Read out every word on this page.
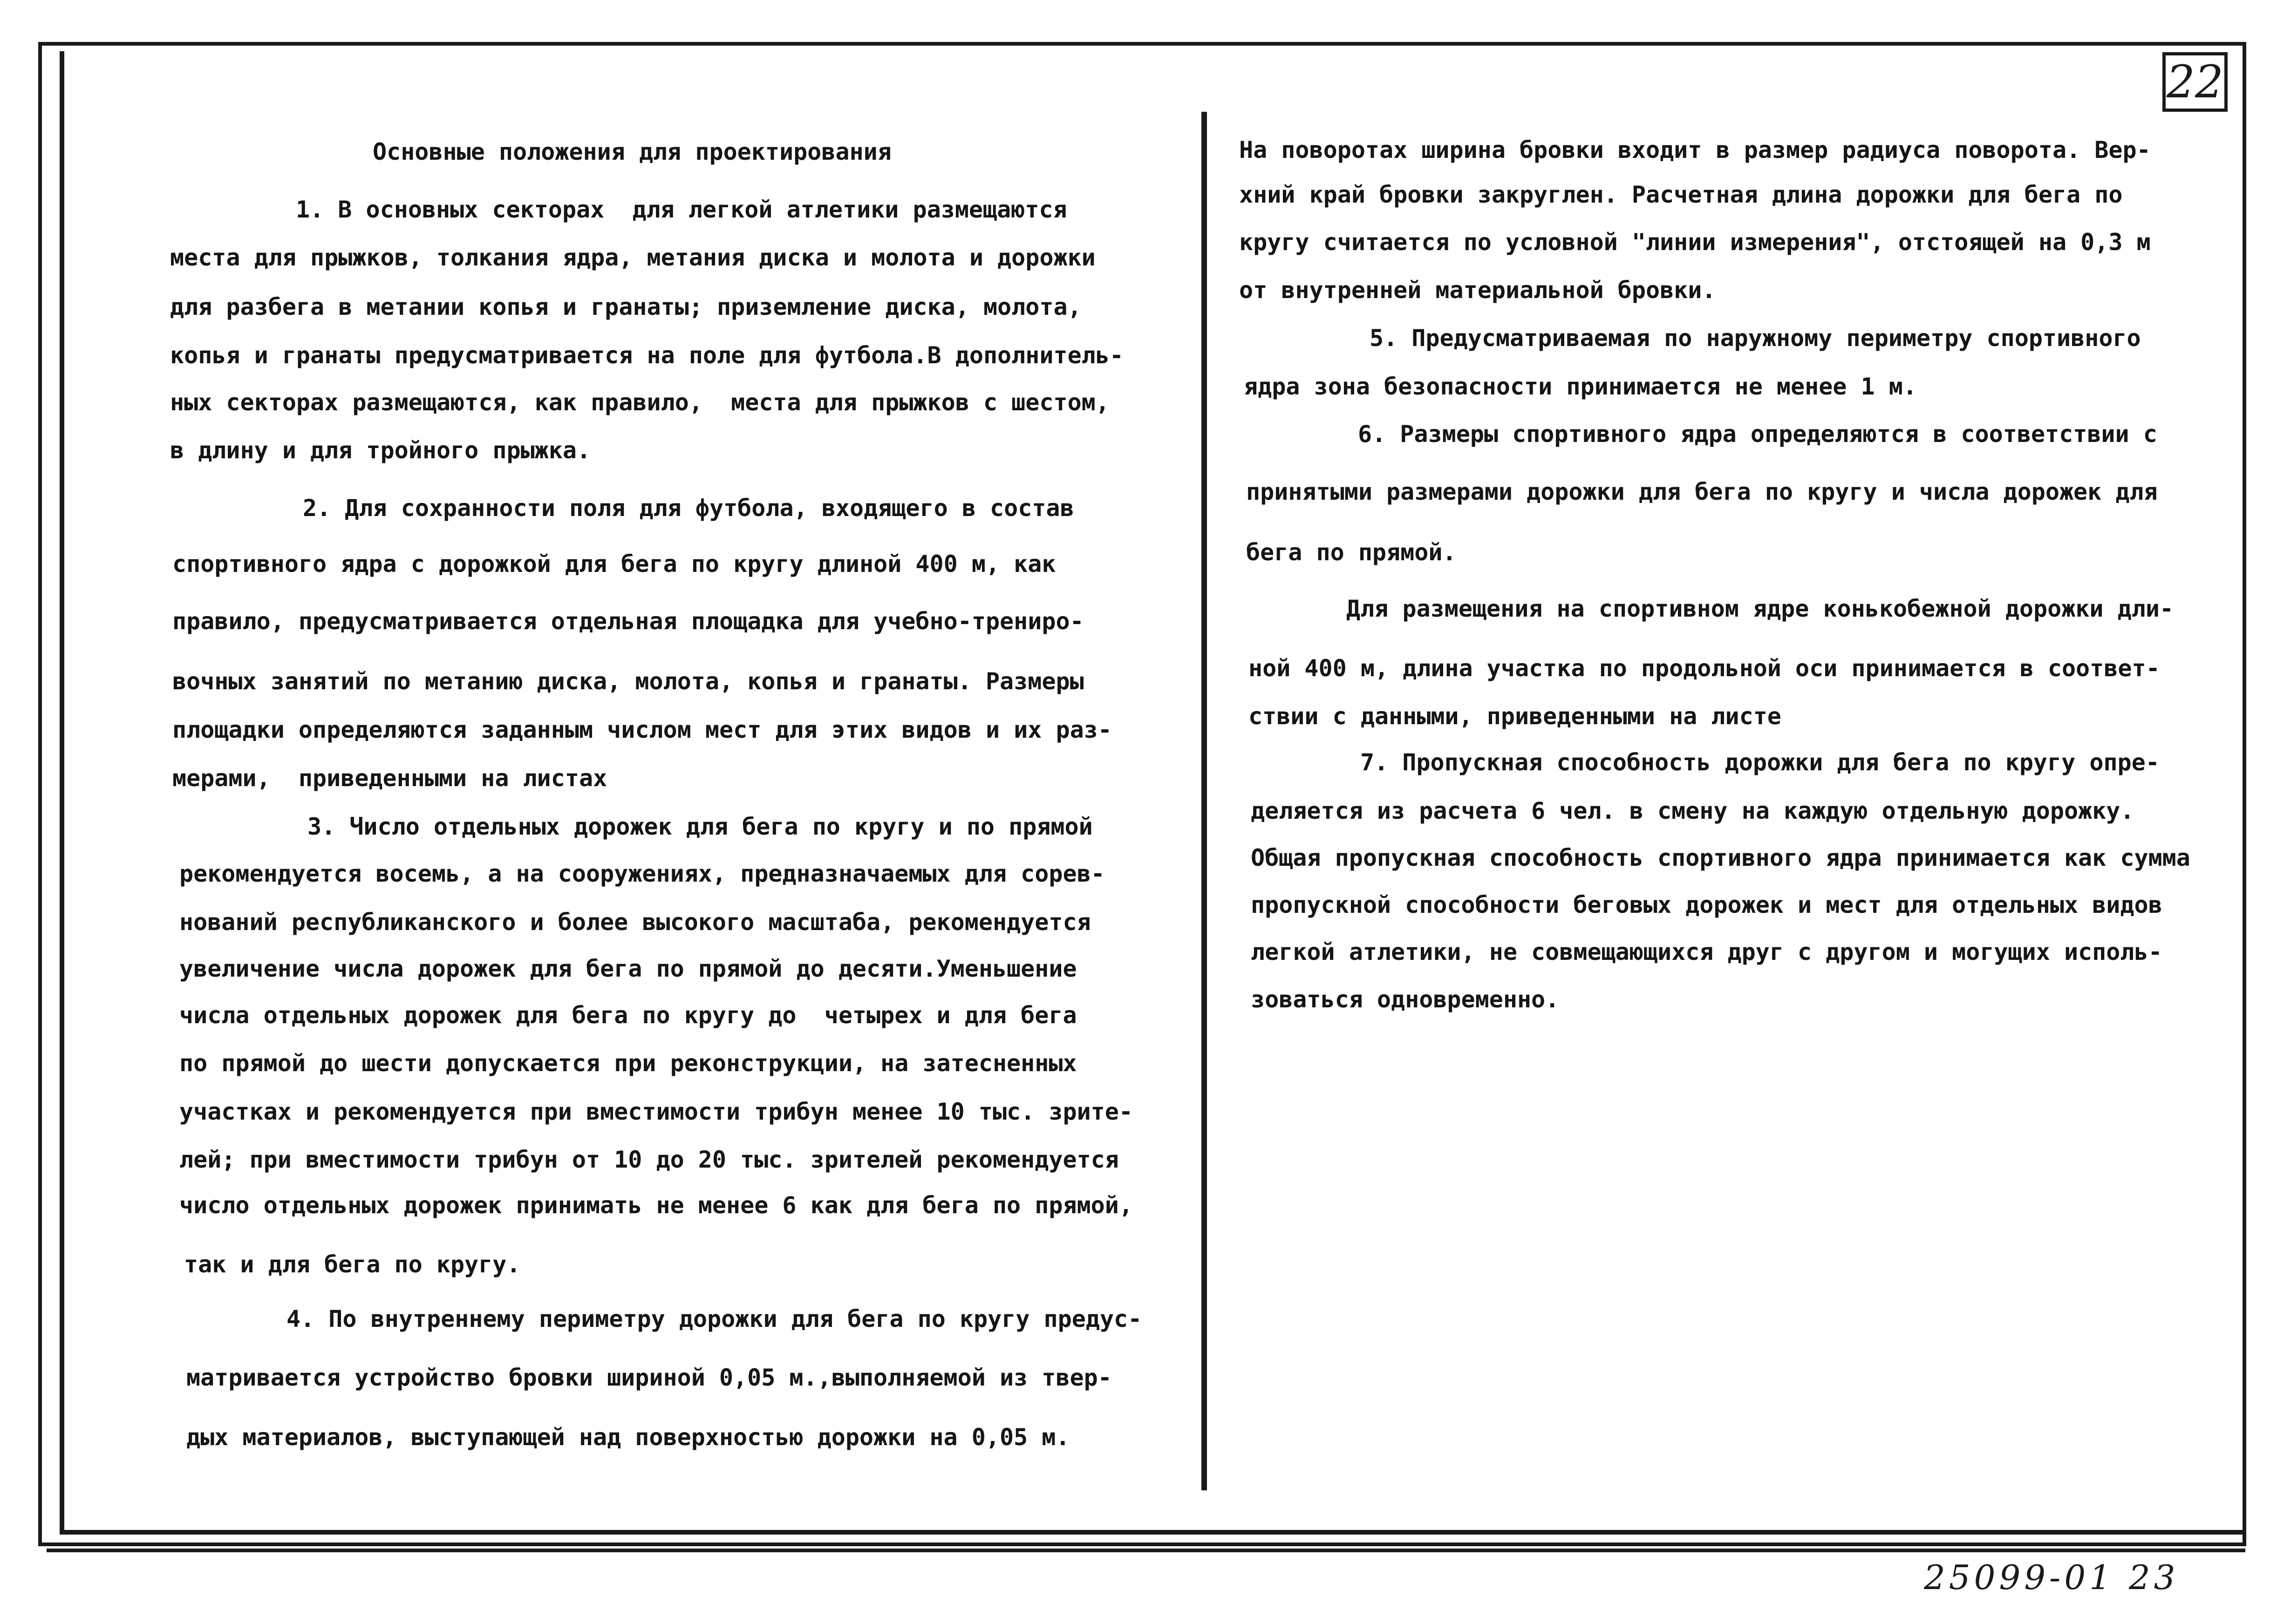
22
25099-01 23
Основные положения для проектирования
1. В основных секторах  для легкой атлетики размещаются
места для прыжков, толкания ядра, метания диска и молота и дорожки
для разбега в метании копья и гранаты; приземление диска, молота,
копья и гранаты предусматривается на поле для футбола.В дополнитель-
ных секторах размещаются, как правило,  места для прыжков с шестом,
в длину и для тройного прыжка.
2. Для сохранности поля для футбола, входящего в состав
спортивного ядра с дорожкой для бега по кругу длиной 400 м, как
правило, предусматривается отдельная площадка для учебно-трениро-
вочных занятий по метанию диска, молота, копья и гранаты. Размеры
площадки определяются заданным числом мест для этих видов и их раз-
мерами,  приведенными на листах
3. Число отдельных дорожек для бега по кругу и по прямой
рекомендуется восемь, а на сооружениях, предназначаемых для сорев-
нований республиканского и более высокого масштаба, рекомендуется
увеличение числа дорожек для бега по прямой до десяти.Уменьшение
числа отдельных дорожек для бега по кругу до  четырех и для бега
по прямой до шести допускается при реконструкции, на затесненных
участках и рекомендуется при вместимости трибун менее 10 тыс. зрите-
лей; при вместимости трибун от 10 до 20 тыс. зрителей рекомендуется
число отдельных дорожек принимать не менее 6 как для бега по прямой,
так и для бега по кругу.
4. По внутреннему периметру дорожки для бега по кругу предус-
матривается устройство бровки шириной 0,05 м.,выполняемой из твер-
дых материалов, выступающей над поверхностью дорожки на 0,05 м.
На поворотах ширина бровки входит в размер радиуса поворота. Вер-
хний край бровки закруглен. Расчетная длина дорожки для бега по
кругу считается по условной "линии измерения", отстоящей на 0,3 м
от внутренней материальной бровки.
5. Предусматриваемая по наружному периметру спортивного
ядра зона безопасности принимается не менее 1 м.
6. Размеры спортивного ядра определяются в соответствии с
принятыми размерами дорожки для бега по кругу и числа дорожек для
бега по прямой.
Для размещения на спортивном ядре конькобежной дорожки дли-
ной 400 м, длина участка по продольной оси принимается в соответ-
ствии с данными, приведенными на листе
7. Пропускная способность дорожки для бега по кругу опре-
деляется из расчета 6 чел. в смену на каждую отдельную дорожку.
Общая пропускная способность спортивного ядра принимается как сумма
пропускной способности беговых дорожек и мест для отдельных видов
легкой атлетики, не совмещающихся друг с другом и могущих исполь-
зоваться одновременно.
